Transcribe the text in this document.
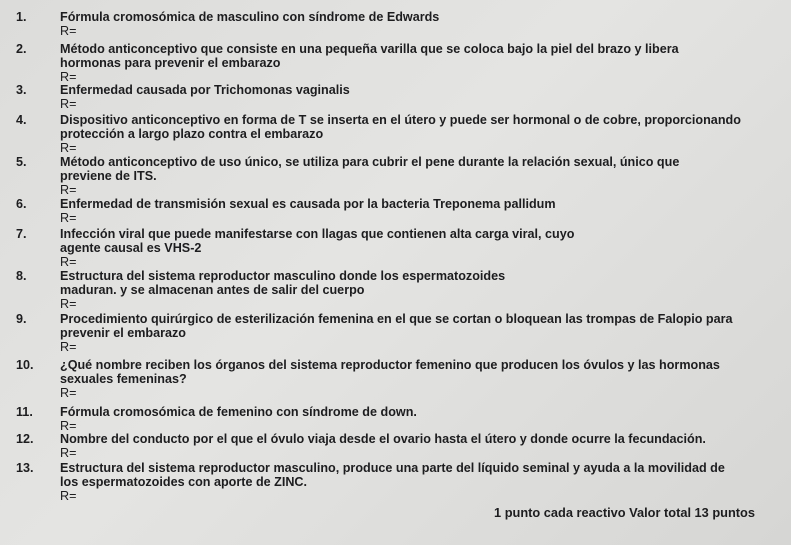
1.	Fórmula cromosómica de masculino con síndrome de Edwards
R=
2.	Método anticonceptivo que consiste en una pequeña varilla que se coloca bajo la piel del brazo y libera
hormonas para prevenir el embarazo
R=
3.	Enfermedad causada por Trichomonas vaginalis
R=
4.	Dispositivo anticonceptivo en forma de T se inserta en el útero y puede ser hormonal o de cobre, proporcionando
protección a largo plazo contra el embarazo
R=
5.	Método anticonceptivo de uso único, se utiliza para cubrir el pene durante la relación sexual, único que
previene de ITS.
R=
6.	Enfermedad de transmisión sexual es causada por la bacteria Treponema pallidum
R=
7.	Infección viral que puede manifestarse con llagas que contienen alta carga viral, cuyo
agente causal es VHS-2
R=
8.	Estructura del sistema reproductor masculino donde los espermatozoides
maduran. y se almacenan antes de salir del cuerpo
R=
9.	Procedimiento quirúrgico de esterilización femenina en el que se cortan o bloquean las trompas de Falopio para
prevenir el embarazo
R=
10. ¿Qué nombre reciben los órganos del sistema reproductor femenino que producen los óvulos y las hormonas
sexuales femeninas?
R=
11. Fórmula cromosómica de femenino con síndrome de down.
R=
12. Nombre del conducto por el que el óvulo viaja desde el ovario hasta el útero y donde ocurre la fecundación.
R=
13. Estructura del sistema reproductor masculino, produce una parte del líquido seminal y ayuda a la movilidad de
los espermatozoides con aporte de ZINC.
R=
1 punto cada reactivo Valor total 13 puntos
